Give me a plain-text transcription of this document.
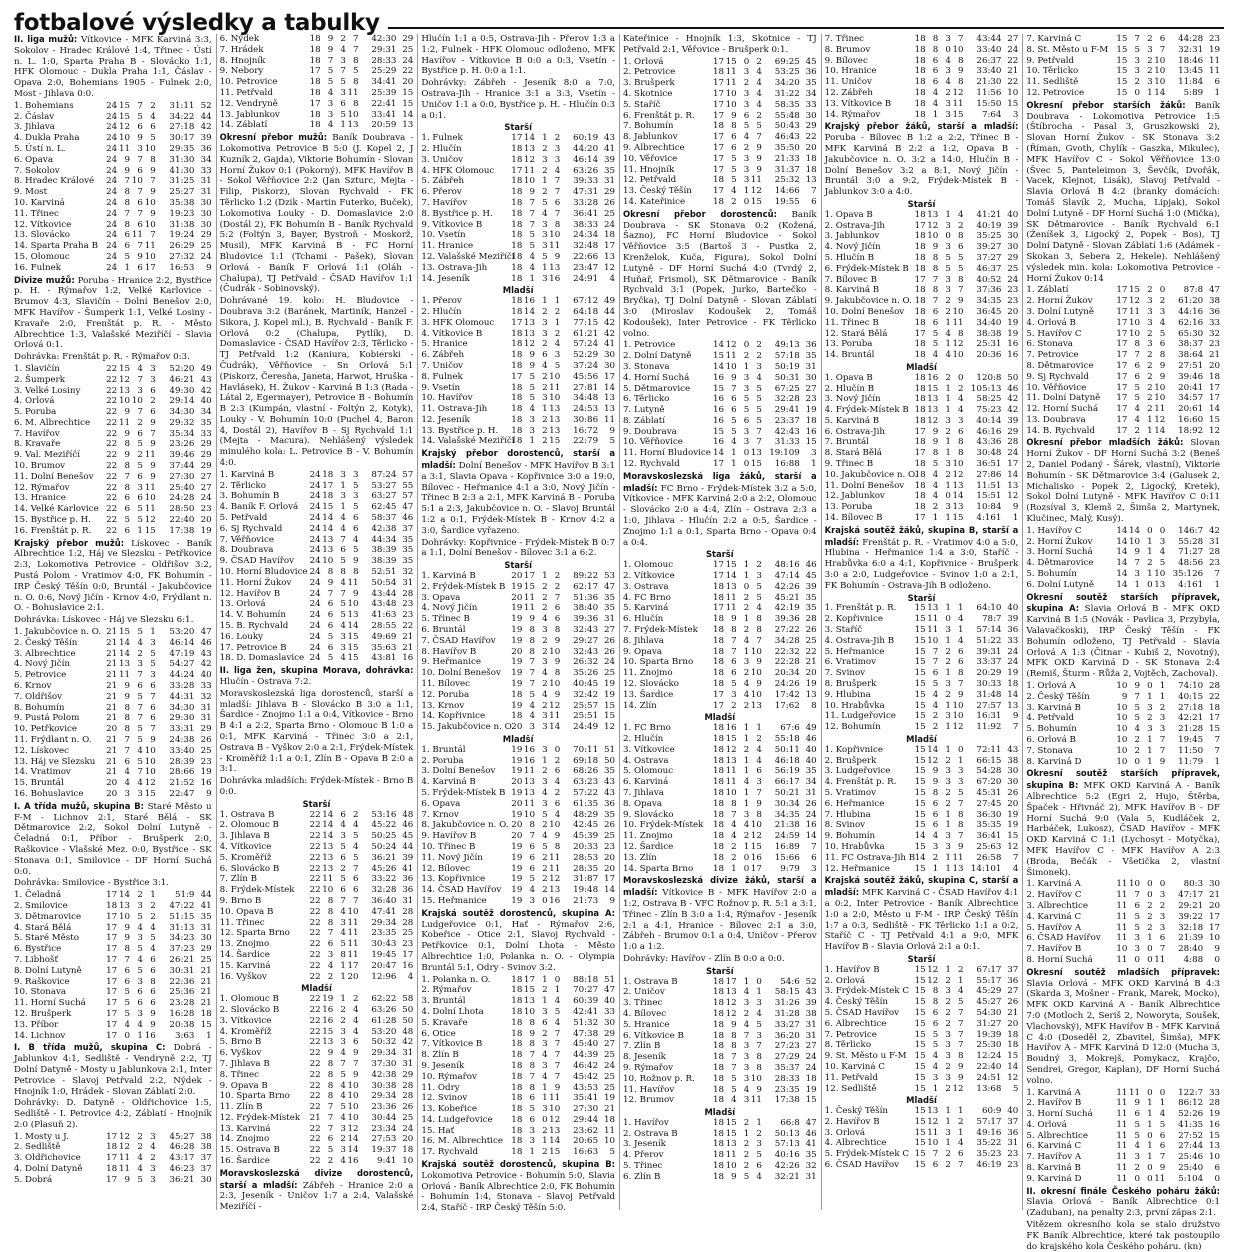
fotbalové výsledky a tabulky
II. liga mužů: Vítkovice - MFK Karviná 3:3, Sokolov - Hradec Králové 1:4, Třinec - Ústí n. L. 1:0, Sparta Praha B - Slovácko 1:1, HFK Olomouc - Dukla Praha 1:1, Čáslav - Opava 2:0, Bohemians 1905 - Fulnek 2:0, Most - Jihlava 0:0.
1. Bohemians	24	15	7	2	31:11	52
2. Čáslav	24	15	5	4	34:22	44
3. Jihlava	24	12	6	6	27:18	42
4. Dukla Praha	24	10	9	5	30:17	39
5. Ústí n. L.	24	11	3	10	29:35	36
6. Opava	24	9	7	8	31:30	34
7. Sokolov	24	9	6	9	41:30	33
8. Hradec Králové	24	7	10	7	31:25	31
9. Most	24	8	7	9	25:27	31
10. Karviná	24	8	6	10	35:38	30
11. Třinec	24	7	7	9	19:23	30
12. Vítkovice	24	8	6	10	31:38	30
13. Slovácko	24	6	11	7	19:24	29
14. Sparta Praha B	24	6	7	11	26:29	25
15. Olomouc	24	5	9	10	27:32	24
16. Fulnek	24	1	6	17	16:53	9
Divize mužů: Poruba - Hranice 2:2, Bystřice p. H. - Rýmařov 1:2, Velké Karlovice - Brumov 4:3, Slavičín - Dolní Benešov 2:0, MFK Havířov - Šumperk 1:1, Velké Losiny - Kravaře 2:0, Frenštát p. R. - Město Albrechtice 1:3, Valašské Meziříčí - Slavia Orlová 0:1.
Dohrávka: Frenštát p. R. - Rýmařov 0:3.
1. Slavičín	22	15	4	3	52:20	49
2. Šumperk	22	12	7	3	46:21	43
3. Velké Losiny	22	13	3	6	49:30	42
4. Orlová	22	10	10	2	29:14	40
5. Poruba	22	9	7	6	34:30	34
6. M. Albrechtice	22	11	2	9	29:32	35
7. Havířov	22	9	6	7	35:34	33
8. Kravaře	22	8	5	9	23:26	29
9. Val. Meziříčí	22	9	2	11	39:46	29
10. Brumov	22	8	5	9	37:44	29
11. Dolní Benešov	22	7	6	9	27:30	27
12. Rýmařov	22	8	3	11	25:40	27
13. Hranice	22	6	6	10	24:28	24
14. Velké Karlovice	22	6	5	11	28:50	23
15. Bystřice p. H.	22	5	5	12	22:40	20
16. Frenštát p. R.	22	6	1	15	17:38	19
Krajský přebor mužů: Lískovec - Baník Albrechtice 1:2, Háj ve Slezsku - Petřkovice 2:3, Lokomotiva Petrovice - Oldřišov 3:2, Pustá Polom - Vratimov 4:0, FK Bohumín - IRP Český Těšín 0:0, Bruntál - Jakubčovice n. O. 0:6, Nový Jičín - Krnov 4:0, Frýdlant n. O. - Bohuslavice 2:1.
Dohrávka: Lískovec - Háj ve Slezsku 6:1.
1. Jakubčovice n. O.	21	15	5	1	53:20	47
2. Český Těšín	21	14	4	3	46:14	46
3. Albrechtice	21	14	2	5	47:19	43
4. Nový Jičín	21	13	3	5	54:27	42
5. Petrovice	21	11	7	3	44:24	40
6. Krnov	21	9	6	6	33:28	33
7. Oldřišov	21	9	5	7	44:31	32
8. Bohumín	21	8	7	6	34:30	31
9. Pustá Polom	21	8	7	6	29:30	31
10. Petřkovice	20	8	5	7	33:31	29
11. Frýdlant n. O.	21	7	5	9	24:38	26
12. Lískovec	21	7	4	10	33:40	25
13. Háj ve Slezsku	21	6	5	10	28:39	23
14. Vratimov	21	4	7	10	28:66	19
15. Bruntál	20	4	4	12	21:52	16
16. Bohuslavice	20	3	3	15	22:47	9
I. A třída mužů, skupina B: Staré Město u F-M - Lichnov 2:1, Staré Bělá - SK Dětmarovice 2:2, Sokol Dolní Lutyně - Čeladná 0:1, Příbor - Brušperk 2:0, Raškovice - Vlašské Mez. 0:0, Bystřice - SK Stonava 0:1, Smilovice - DF Horní Suchá 0:0.
Dohrávka: Smilovice - Bystřice 3:1.
1. Čeladná	17	14	2	1	51:9	44
2. Smilovice	18	13	3	2	47:22	41
3. Dětmarovice	17	10	5	2	51:15	35
4. Stará Bělá	17	9	4	4	31:13	31
5. Staré Město	17	9	3	5	34:23	30
6. Bystřice	17	8	5	4	37:23	29
7. Libhošť	17	7	4	6	26:21	25
8. Dolní Lutyně	17	6	5	6	30:31	21
9. Raškovice	17	6	3	8	22:36	21
10. Stonava	17	5	6	6	25:36	21
11. Horní Suchá	17	5	6	6	23:28	21
12. Brušperk	17	5	3	9	16:28	18
13. Příbor	17	4	4	9	20:38	15
14. Lichnov	17	0	1	16	3:63	1
I. B třída mužů, skupina C: Dobrá - Jablunkov 4:1, Sedliště - Vendryně 2:2, TJ Dolní Datyně - Mosty u Jablunkova 2:1, Inter Petrovice - Slavoj Petřvald 2:2, Nýdek - Hnojník 1:0, Hrádek - Slovan Záblatí 2:0.
Dohrávky: D. Datyně - Oldřichovice 1:5, Sedliště - I. Petrovice 4:2, Záblatí - Hnojník 2:0 (Plasuň 2).
1. Mosty u J.	17	12	2	3	45:27	38
2. Sedliště	18	12	2	4	46:28	38
3. Oldřichovice	17	11	4	2	43:17	37
4. Dolní Datyně	18	11	4	3	46:23	37
5. Dobrá	17	9	5	3	36:21	30
6. Nýdek	18	9	2	7	42:30	29
7. Hrádek	18	9	4	7	29:31	25
8. Hnojník	18	7	3	8	28:33	24
9. Nebory	17	5	7	5	25:29	22
10. Petrovice	18	5	5	8	34:41	20
11. Petřvald	18	4	3	11	25:39	15
12. Vendryně	17	3	6	8	22:41	15
13. Jablunkov	18	3	5	10	33:41	14
14. Záblatí	18	4	1	13	20:59	13
Okresní přebor mužů: Baník Doubrava - Lokomotiva Petrovice B 5:0 (J. Kopel 2, J Kuzník 2, Gajda), Viktorie Bohumín - Slovan Horní Žukov 0:1 (Pokorný). MFK Havířov B - Sokol Věřňovice 2:2 (Jan Szturc, Mejta - Filip, Piskorz), Slovan Rychvald - FK Těrlicko 1:2 (Dzik - Martin Futerko, Buček), Lokomotiva Louky - D. Domaslavice 2:0 (Dostál 2), FK Bohumín B - Baník Rychvald 5:2 (Foltýn 3, Bayer, Bystroň - Moskorž, Musil), MFK Karviná B - FC Horní Bludovice 1:1 (Tchami - Pašek), Slovan Orlová - Baník F Orlová 1:1 (Oláh - Chalupa), TJ Petřvald - ČSAD Havířov 1:1 (Čudrák - Sobinovský).
Dohrávané 19. kolo: H. Bludovice - Doubrava 3:2 (Baránek, Martiník, Hanzel - Sikora, J. Kopel ml.), B. Rychvald - Baník F. Orlová 0:2 (Chalupa, Pytlík), D. Domaslavice - ČSAD Havířov 2:3, Těrlicko - TJ Petřvald 1:2 (Kaniura, Kobierski - Čudrák), Věřňovice - Sn Orlová 5:1 (Piskorz, Čeresňa, Janeta, Harwot, Hruška - Havlásek), H. Žukov - Karviná B 1:3 (Rada - Látal 2, Egermayer), Petrovice B - Bohumín B 2:3 (Kumpán, vlastní - Foltýn 2, Kotyk), Louky - V. Bohumín 10:0 (Puchel 4, Baron 4, Dostál 2), Havířov B - Sj Rychvald 1:1 (Mejta - Macura). Nehlášený výsledek minulého kola: L. Petrovice B - V. Bohumín 4:0.
1. Karviná B	24	18	3	3	87:24	57
2. Těrlicko	24	17	1	5	53:27	55
3. Bohumín B	24	18	3	3	63:27	57
4. Baník F. Orlová	24	15	1	5	62:45	47
5. Petřvald	24	14	4	6	58:37	46
6. Sj Rychvald	24	14	4	6	42:38	37
7. Věřňovice	24	13	7	4	44:34	35
8. Doubrava	24	13	6	5	38:39	35
9. ČSAD Havířov	24	10	5	9	38:39	35
10. Horní Bludovice	24	8	8	8	52:51	32
11. Horní Žukov	24	9	4	11	50:54	31
12. Havířov B	24	7	7	9	43:44	28
13. Orlová	24	6	5	10	43:48	23
14. V. Bohumín	24	6	5	13	41:63	23
15. B. Rychvald	24	6	4	14	28:55	22
16. Louky	24	5	3	15	49:69	21
17. Petrovice B	24	6	3	15	35:63	21
18. D. Domaslavice	24	5	4	15	43:81	16
II. liga žen, skupina Morava, dohrávka: Hlučín - Ostrava 7:2.
Moravskoslezská liga dorostenců, starší a mladší: Jihlava B - Slovácko B 3:0 a 1:1, Šardice - Znojmo 1:1 a 0:4, Vítkovice - Brno B 4:1 a 2:2, Sparta Brno - Olomouc B 1:0 a 0:1, MFK Karviná - Třinec 3:0 a 2:1, Ostrava B - Vyškov 2:0 a 2:1, Frýdek-Místek - Kroměříž 1:1 a 0:1, Zlín B - Opava B 2:0 a 3:1.
Dohrávka mladších: Frýdek-Místek - Brno B 0:0.
Starší
1. Ostrava B	22	14	6	2	53:16	48
2. Olomouc B	22	14	4	4	45:22	46
3. Jihlava B	22	14	3	5	50:25	45
4. Vítkovice	22	13	5	4	50:24	44
5. Kroměříž	22	13	6	5	36:21	39
6. Slovácko B	22	13	2	7	45:26	41
7. Zlín B	22	11	5	6	33:22	36
8. Frýdek-Místek	22	10	6	6	32:28	36
9. Brno B	22	8	7	7	36:40	31
10. Opava B	22	8	4	10	47:41	28
11. Třinec	22	8	3	11	29:34	28
12. Sparta Brno	22	7	4	11	23:35	25
13. Znojmo	22	6	5	11	30:43	23
14. Šardice	22	3	8	11	19:45	17
15. Karviná	22	4	1	17	20:47	16
16. Vyškov	22	2	1	20	12:96	4
Mladší
1. Olomouc B	22	19	1	2	62:22	58
2. Slovácko B	22	16	2	4	63:26	50
3. Vítkovice	22	16	2	4	61:28	50
4. Kroměříž	22	15	3	4	53:20	48
5. Brno B	22	13	3	6	50:32	42
6. Vyškov	22	9	4	9	29:34	31
7. Jihlava B	22	8	7	7	37:30	31
8. Třinec	22	8	5	9	42:38	29
9. Opava B	22	8	4	10	30:38	28
10. Sparta Brno	22	8	4	10	29:34	28
11. Zlín B	22	7	5	10	23:36	26
12. Frýdek-Místek	21	7	4	10	30:44	25
13. Karviná	22	7	3	12	23:34	24
14. Znojmo	22	6	2	14	27:53	20
15. Ostrava B	22	5	3	14	19:37	18
16. Šardice	22	2	4	16	9:41	10
Moravskoslezská divize dorostenců, starší a mladší: Zábřeh - Hranice 2:0 a 2:3, Jeseník - Uničov 1:7 a 2:4, Valašské Meziříčí -
Hlučín 1:1 a 0:5, Ostrava-Jih - Přerov 1:3 a 1:2, Fulnek - HFK Olomouc odloženo, MFK Havířov - Vítkovice B 0:0 a 0:3, Vsetín - Bystřice p. H. 0:0 a 1:1.
Dohrávky: Zábřeh - Jeseník 8:0 a 7:0, Ostrava-Jih - Hranice 3:1 a 3:3, Vsetín - Uničov 1:1 a 0:0, Bystřice p. H. - Hlučín 0:3 a 0:1.
Starší
1. Fulnek	17	14	1	2	60:19	43
2. Hlučín	18	13	2	3	44:20	41
3. Uničov	18	12	3	3	46:14	39
4. HFK Olomouc	17	11	2	4	63:26	35
5. Zábřeh	18	10	1	7	39:33	31
6. Přerov	18	9	2	7	47:31	29
7. Havířov	18	7	5	6	33:28	26
8. Bystřice p. H.	18	7	4	7	36:41	25
9. Vítkovice B	18	7	3	8	38:33	24
10. Vsetín	18	5	3	10	24:34	18
11. Hranice	18	5	3	11	32:48	17
12. Valašské Meziříčí	18	4	5	9	22:66	13
13. Ostrava-Jih	18	4	1	13	23:47	12
14. Jeseník	18	1	3	16	24:91	4
Mladší
1. Přerov	18	16	1	1	67:12	49
2. Hlučín	18	14	2	2	64:18	44
3. HFK Olomouc	17	13	3	1	77:15	42
4. Vítkovice B	18	13	3	2	61:21	42
5. Hranice	18	12	2	4	57:24	41
6. Zábřeh	18	9	6	3	52:29	30
7. Uničov	18	9	4	5	37:24	30
8. Fulnek	17	5	2	10	45:56	17
9. Vsetín	18	5	2	11	27:81	14
10. Havířov	18	5	3	10	34:48	13
11. Ostrava-Jih	18	4	1	13	24:53	13
12. Jeseník	18	3	2	13	30:86	11
13. Bystřice p. H.	18	3	2	13	16:72	9
14. Valašské Meziříčí	18	1	2	15	22:79	5
Krajský přebor dorostenců, starší a mladší: Dolní Benešov - MFK Havířov B 3:1 a 3:1, Slavia Opava - Kopřivnice 3:0 a 19:0, Bílovec - Heřmanice 4:1 a 3:0, Nový Jičín - Třinec B 2:3 a 2:1, MFK Karviná B - Poruba 5:1 a 2:3, Jakubčovice n. O. - Slavoj Bruntál 1:2 a 0:1, Frýdek-Místek B - Krnov 4:2 a 3:0, Šardice vyřazeno.
Dohrávky: Kopřivnice - Frýdek-Místek B 0:7 a 1:1, Dolní Benešov - Bílovec 3:1 a 6:2.
Starší
1. Karviná B	20	17	1	2	89:22	53
2. Frýdek-Místek B	19	15	2	2	62:17	47
3. Opava	20	11	2	7	51:36	35
4. Nový Jičín	19	11	2	6	38:40	35
5. Třinec B	19	9	4	6	39:36	31
6. Bruntál	19	8	3	8	32:43	27
7. ČSAD Havířov	19	8	2	9	29:27	26
8. Havířov B	20	8	2	10	32:43	26
9. Heřmanice	19	7	3	9	26:32	24
10. Dolní Benešov	19	7	4	8	35:26	25
11. Bílovec	19	7	2	10	40:45	19
12. Poruba	18	5	4	9	32:42	19
13. Krnov	19	4	2	12	25:57	15
14. Kopřivnice	18	4	3	11	25:51	15
15. Jakubčovice n. O.	20	3	3	14	24:49	12
Mladší
1. Bruntál	19	16	3	0	70:11	51
2. Poruba	19	16	1	2	69:18	50
3. Dolní Benešov	19	11	2	6	68:26	35
4. Karviná B	20	13	3	4	63:23	43
5. Frýdek-Místek B	19	13	4	2	57:22	43
6. Opava	20	11	3	6	61:35	36
7. Krnov	19	10	5	4	48:29	35
8. Jakubčovice n. O.	20	8	2	10	42:45	26
9. Havířov B	20	7	4	9	45:39	25
10. Třinec B	19	6	5	8	20:33	23
11. Nový Jičín	19	6	2	11	28:53	20
12. Bílovec	19	6	2	11	28:35	20
13. Kopřivnice	19	5	2	12	31:87	17
14. ČSAD Havířov	19	4	2	13	19:48	14
15. Heřmanice	19	3	0	16	21:73	9
Krajská soutěž dorostenců, skupina A: Ludgeřovice 0:1, Hať - Rýmařov 2:6, Kobeřice - Otice 2:1, Slavoj Rychvald - Petřkovice 0:1, Dolní Lhota - Město Albrechtice 1:0, Polanka n. O. - Olympia Bruntál 5:1, Odry - Svinov 3:2.
1. Polanka n. O.	18	17	1	0	88:18	51
2. Rýmařov	18	15	2	1	70:27	47
3. Bruntál	18	13	1	4	60:39	40
4. Dolní Lhota	18	10	3	5	42:41	33
5. Kravaře	18	8	6	4	51:32	30
6. Otice	18	9	2	7	47:38	29
7. Vítkovice B	18	8	3	7	45:40	27
8. Zlín B	18	7	4	7	44:39	25
9. Jeseník	18	8	3	7	46:42	24
10. Rýmařov	18	7	4	7	45:42	25
11. Odry	18	8	1	9	43:53	25
12. Svinov	18	6	1	11	35:41	19
13. Kobeřice	18	5	3	10	27:30	21
14. Ludgeřovice	18	6	0	12	29:44	18
15. Hať	18	3	2	13	23:62	11
16. M. Albrechtice	18	3	1	14	20:65	10
17. Rychvald	18	1	2	15	16:63	5
Krajská soutěž dorostenců, skupina B: Lokomotiva Petrovice - Bohumín 5:0, Slavia Orlová - Baník Albrechtice 2:0, FK Bohumín - Bohumín 1:4, Stonava - Slavoj Petřvald 2:4, Staříč - IRP Český Těšín 5:0.
Kateřinice - Hnojník 1:3, Skotnice - TJ Petřvald 2:1, Věřovice - Brušperk 0:1.
1. Orlová	17	15	0	2	69:25	45
2. Petrovice	18	11	3	4	53:25	36
3. Brušperk	17	11	2	4	34:20	35
4. Skotnice	17	10	3	4	31:22	34
5. Staříč	17	10	3	4	58:35	33
6. Frenštát p. R.	17	9	6	2	55:48	30
7. Bohumín	18	8	5	5	50:43	29
8. Jablunkov	17	6	4	7	46:43	22
9. Albrechtice	17	6	2	9	35:50	20
10. Věřovice	17	5	3	9	21:33	18
11. Hnojník	17	5	3	9	31:37	18
12. Petřvald	18	5	3	11	25:32	13
13. Český Těšín	17	4	1	12	14:66	7
14. Kateřinice	18	2	0	15	19:55	6
Okresní přebor dorostenců: Baník Doubrava - SK Stonava 0:2 (Kožená, Šazno), FC Horní Bludovice - Sokol Věřňovice 3:5 (Bartoš 3 - Pustka 2, Krenželok, Kuča, Figura), Sokol Dolní Lutyně - DF Horní Suchá 4:0 (Tvrdý 2, Huňař, Frismol), SK Dětmarovice - Baník Rychvald 3:1 (Popek, Jurko, Bartečko - Bryčka), TJ Dolní Datyně - Slovan Záblatí 3:0 (Miroslav Kodoušek 2, Tomáš Kodoušek), Inter Petrovice - FK Těrlicko volno.
1. Petrovice	14	12	0	2	49:13	36
2. Dolní Datyně	15	11	2	2	57:18	35
3. Stonava	14	10	1	3	50:19	31
4. Horní Suchá	16	9	3	4	50:31	30
5. Dětmarovice	15	7	3	5	67:25	27
6. Těrlicko	16	6	5	5	32:28	23
7. Lutyně	16	6	5	5	29:41	19
8. Záblatí	16	5	6	5	23:37	18
9. Doubrava	15	5	3	7	42:43	16
10. Věřňovice	16	4	3	7	31:33	15
11. Horní Bludovice	14	1	0	13	19:109	3
12. Rychvald	17	1	0	15	16:88	1
Moravskoslezská liga žáků, starší a mladší: FC Brno - Frýdek-Místek 3:2 a 5:0, Vítkovice - MFK Karviná 2:0 a 2:2, Olomouc - Slovácko 2:0 a 4:4, Zlín - Ostrava 2:3 a 1:0, Jihlava - Hlučín 2:2 a 0:5, Šardice - Znojmo 1:1 a 0:1, Sparta Brno - Opava 0:4 a 0:4.
Starší
1. Olomouc	17	15	1	2	48:16	46
2. Vítkovice	17	14	1	3	47:14	45
3. Ostrava	18	13	0	5	42:26	39
4. FC Brno	18	11	2	5	45:21	35
5. Karviná	17	11	2	4	42:19	35
6. Hlučín	18	9	1	8	39:36	28
7. Frýdek-Místek	18	8	2	8	27:22	26
8. Jihlava	18	7	4	7	34:28	25
9. Opava	18	7	1	10	22:32	22
10. Sparta Brno	18	6	3	9	22:28	21
11. Znojmo	18	6	2	10	20:34	20
12. Slovácko	18	5	4	9	24:26	19
13. Šardice	17	3	4	10	17:42	13
14. Zlín	17	2	2	13	17:62	8
Mladší
1. FC Brno	18	16	1	1	67:6	49
2. Hlučín	18	15	1	2	55:18	46
3. Vítkovice	18	12	2	4	50:11	40
4. Ostrava	18	13	1	4	46:18	40
5. Olomouc	18	11	1	6	56:19	35
6. Karviná	18	11	4	3	66:17	34
7. Jihlava	18	10	1	7	50:21	31
8. Opava	18	8	1	9	30:34	26
9. Slovácko	18	7	3	8	34:35	24
10. Frýdek-Místek	18	4	4	10	21:38	16
11. Znojmo	18	4	2	12	24:59	14
12. Šardice	18	2	1	15	16:89	7
13. Zlín	18	2	0	16	15:66	6
14. Sparta Brno	18	1	0	17	9:79	3
Moravskoslezská divize žáků, starší a mladší: Vítkovice B - MFK Havířov 2:0 a 1:2, Ostrava B - VFC Rožnov p. R. 5:1 a 3:1, Třinec - Zlín B 3:0 a 1:4, Rýmařov - Jeseník 2:1 a 4:1, Hranice - Bílovec 2:1 a 3:0, Zábřeh - Brumov 0:1 a 0:4, Uničov - Přerov 1:0 a 1:2.
Dohrávky: Havířov - Zlín B 0:0 a 0:0.
Starší
1. Ostrava B	18	17	1	0	54:6	52
2. Uničov	18	13	4	1	58:15	43
3. Třinec	18	12	3	3	31:26	39
4. Bílovec	18	12	2	4	31:28	38
5. Hranice	18	9	4	5	33:27	31
6. Vítkovice B	18	8	7	3	36:20	31
7. Zlín B	18	8	3	7	27:23	27
8. Jeseník	18	7	3	8	27:29	24
9. Rýmařov	18	7	3	8	35:37	24
10. Rožnov p. R.	18	5	3	10	28:33	18
11. Havířov	18	5	4	9	23:35	19
12. Brumov	18	4	3	11	17:38	15
Mladší
1. Havířov	18	15	2	1	66:8	47
2. Ostrava B	18	15	1	2	50:13	46
3. Jeseník	18	13	2	3	57:13	41
4. Přerov	18	11	2	5	40:16	35
5. Třinec	18	10	2	6	42:26	32
6. Zlín B	18	9	5	4	32:21	31
7. Třinec	18	8	3	7	43:44	27
8. Brumov	18	8	0	10	33:40	24
9. Bílovec	18	6	4	8	26:37	22
10. Hranice	18	6	3	9	33:40	21
11. Uničov	18	6	4	8	21:30	22
12. Zábřeh	18	4	2	12	11:56	10
13. Vítkovice B	18	4	3	11	15:50	15
14. Rýmařov	18	1	3	15	7:64	3
Krajský přebor žáků, starší a mladší: Poruba - Bílovec B 1:2 a 2:2, Třinec B - MFK Karviná B 2:2 a 1:2, Opava B - Jakubčovice n. O. 3:2 a 14:0, Hlučín B - Dolní Benešov 3:2 a 8:1, Nový Jičín - Bruntál 3:0 a 9:2, Frýdek-Místek B - Jablunkov 3:0 a 4:0.
Starší
1. Opava B	18	13	1	4	41:21	40
2. Ostrava-Jih	17	12	3	2	40:19	39
3. Jablunkov	18	10	0	8	35:25	30
4. Nový Jičín	18	9	3	6	39:27	30
5. Hlučín B	18	8	5	5	37:27	29
6. Frýdek-Místek B	18	8	5	5	46:37	25
7. Bílovec B	17	7	3	8	40:52	24
8. Karviná B	18	8	3	7	37:36	23
9. Jakubčovice n. O.	18	7	2	9	34:35	23
10. Dolní Benešov	18	6	2	10	36:45	20
11. Třinec B	18	6	1	11	34:40	19
12. Stará Bělá	17	5	4	8	38:38	19
13. Poruba	18	5	1	12	25:31	16
14. Bruntál	18	4	4	10	20:36	16
Mladší
1. Opava B	18	16	2	0	120:8	50
2. Hlučín B	18	15	1	2	105:13	46
3. Nový Jičín	18	13	1	4	58:25	42
4. Frýdek-Místek B	18	13	1	4	75:23	42
5. Karviná B	18	12	3	3	40:14	39
6. Ostrava-Jih	17	9	2	6	46:16	29
7. Bruntál	18	9	1	8	43:36	28
8. Stará Bělá	17	8	1	8	30:48	24
9. Třinec B	18	5	3	10	36:51	17
10. Jakubčovice n. O.	18	4	2	12	27:86	14
11. Dolní Benešov	18	4	1	13	11:51	13
12. Jablunkov	18	4	0	14	15:51	12
13. Poruba	18	2	3	13	10:84	9
14. Bílovec B	17	1	1	15	4:161	1
Krajská soutěž žáků, skupina B, starší a mladší: Frenštát p. R. - Vratimov 4:0 a 5:0, Hlubina - Heřmanice 1:4 a 3:0, Staříč - Hrabůvka 6:0 a 4:1, Kopřivnice - Brušperk 3:0 a 2:0, Ludgeřovice - Svinov 1:0 a 2:1, FK Bohumín - Ostrava-Jih B odloženo.
Starší
1. Frenštát p. R.	15	13	1	1	64:10	40
2. Kopřivnice	15	11	0	4	78:7	39
3. Staříč	15	11	3	1	57:14	36
4. Ostrava-Jih B	15	10	1	4	51:22	33
5. Heřmanice	15	7	2	6	39:31	24
6. Vratimov	15	7	2	6	33:37	24
7. Svinov	15	6	1	8	20:29	19
8. Brušperk	15	5	3	7	30:33	18
9. Hlubina	15	4	2	9	31:48	14
10. Hrabůvka	15	4	1	10	27:57	13
11. Ludgeřovice	15	2	3	10	16:31	9
12. Bohumín	15	2	1	12	11:92	7
Mladší
1. Kopřivnice	15	14	1	0	72:11	43
2. Brušperk	15	12	2	1	66:15	38
3. Ludgeřovice	15	9	3	3	54:28	30
4. Frenštát p. R.	15	9	3	3	67:20	30
5. Vratimov	15	8	2	5	45:31	26
6. Heřmanice	15	6	2	7	27:45	20
7. Hlubina	15	6	1	8	36:30	19
8. Svinov	15	6	1	8	35:35	19
9. Bohumín	14	4	3	7	36:41	15
10. Hrabůvka	15	3	3	9	25:63	12
11. FC Ostrava-Jih B	14	2	1	11	26:58	7
12. Heřmanice	15	1	1	13	14:101	4
Krajská soutěž žáků, skupina C, starší a mladší: MFK Karviná C - ČSAD Havířov 4:1 a 0:2, Inter Petrovice - Baník Albrechtice 1:0 a 2:0, Město u F-M - IRP Český Těšín 1:7 a 0:3, Sedliště - FK Těrlicko 1:1 a 0:2, Staříč C - TJ Petřvald 4:1 a 9:0, MFK Havířov B - Slavia Orlová 2:1 a 0:1.
Starší
1. Havířov B	15	12	1	2	67:17	37
2. Orlová	15	12	2	1	55:17	36
3. Frýdek-Místek C	15	8	3	4	45:29	27
4. Český Těšín	15	8	2	5	45:27	26
5. ČSAD Havířov	15	6	2	7	54:30	21
6. Albrechtice	15	6	2	7	31:27	20
7. Petrovice	15	5	3	7	19:39	18
8. Těrlicko	15	5	3	7	25:30	18
9. St. Město u F-M	15	4	3	8	12:24	15
10. Karviná C	15	4	2	9	22:40	14
11. Petřvald	15	3	3	9	24:51	12
12. Sedliště	15	1	2	12	13:68	5
Mladší
1. Český Těšín	15	13	1	1	60:9	40
2. Havířov B	15	12	1	2	57:17	37
3. Orlová	15	11	3	1	49:16	36
4. Albrechtice	15	10	1	4	35:22	31
5. Frýdek-Místek C	15	7	2	6	35:23	23
6. ČSAD Havířov	15	6	2	7	46:19	23
7. Karviná C	15	7	2	6	44:28	23
8. St. Město u F-M	15	5	3	7	32:31	19
9. Petřvald	15	3	2	10	18:46	11
10. Těrlicko	15	3	2	10	13:45	11
11. Sedliště	15	2	3	10	11:84	6
12. Petrovice	15	0	1	14	5:89	1
Okresní přebor starších žáků: Baník Doubrava - Lokomotiva Petrovice 1:5 (Štíbrocha - Pasal 3, Gruszkowski 2), Slovan Horní Žukov - SK Stonava 3:2 (Říman, Gvoth, Chylík - Gaszka, Mikulec), MFK Havířov C - Sokol Věřňovice 13:0 (Švec 5, Panteleimon 3, Ševčík, Dvořák, Vacek, Klejnot, Lisák), Slavoj Petřvald - Slavia Orlová B 4:2 (branky domácích: Tomáš Slavík 2, Mucha, Lipjak), Sokol Dolní Lutyně - DF Horní Suchá 1:0 (Mička), SK Dětmarovice - Baník Rychvald 6:1 (Ženíšek 3, Ligocký 2, Popek - Bos), TJ Dolní Datyně - Slovan Záblatí 1:6 (Adámek - Skokan 3, Sebera 2, Hekele). Nehlášený výsledek min. kola: Lokomotiva Petrovice - Horní Žukov 0:14
1. Záblatí	17	15	2	0	87:8	47
2. Horní Žukov	17	12	3	2	61:20	38
3. Dolní Lutyně	17	11	3	3	44:16	36
4. Orlová B	17	10	3	4	62:16	33
5. Havířov C	17	10	2	5	65:30	32
6. Stonava	17	8	3	6	38:37	23
7. Petrovice	17	7	2	8	38:64	21
8. Dětmarovice	17	6	2	9	27:51	20
9. Sj Rychvald	17	6	2	9	39:46	18
10. Věřňovice	17	5	2	10	20:41	17
11. Dolní Datyně	17	5	2	10	34:57	17
12. Horní Suchá	17	4	2	11	20:61	14
13. Doubrava	17	4	1	12	16:60	15
14. B. Rychvald	17	2	1	14	18:92	12
Okresní přebor mladších žáků: Slovan Horní Žukov - DF Horní Suchá 3:2 (Beneš 2, Daniel Podaný - Šárek, vlastní), Viktorie Bohumín - SK Dětmarovice 3:4 (Galusek 2, Michalisko - Popek 2, Ligocký, Kretek), Sokol Dolní Lutyně - MFK Havířov C 0:11 (Rozsíval 3, Klemš 2, Šimša 2, Martynek, Klučinec, Malý, Kusý).
1. Havířov C	14	14	0	0	146:7	42
2. Horní Žukov	14	10	1	3	55:28	31
3. Horní Suchá	14	9	1	4	71:27	28
4. Dětmarovice	14	7	2	5	48:56	23
5. Bohumín	14	3	1	10	35:126	7
6. Dolní Lutyně	14	1	0	13	4:161	1
Okresní soutěž starších přípravek, skupina A: Slavia Orlová B - MFK OKD Karviná B 1:5 (Novák - Pavlica 3, Przybyla, Valavačkoski), IRP Český Těšín - FK Bohumín odloženo, TJ Petřvald - Slavia Orlová A 1:3 (Čitnar - Kubiš 2, Novotný), MFK OKD Karviná D - SK Stonava 2:4 (Remiš, Šturm - Růža 2, Vojtěch, Zachoval).
1. Orlová A	10	9	0	1	74:10	28
2. Český Těšín	9	7	1	1	40:15	22
3. Karviná B	10	5	3	2	27:18	18
4. Petřvald	10	5	2	3	42:21	17
5. Bohumín	10	4	3	3	21:28	15
6. Orlová B	10	2	1	7	19:45	7
7. Stonava	10	2	1	7	11:50	7
8. Karviná D	10	0	1	9	11:79	1
Okresní soutěž starších přípravek, skupina B: MFK OKD Karviná A - Baník Albrechtice 5:2 (Egri 2, Hujo, Štěrba, Špaček - Hřivnáč 2), MFK Havířov B - DF Horní Suchá 9:0 (Vala 5, Kudláček 2, Harbáček, Lukosz), ČSAD Havířov - MFK OKD Karviná C 1:1 (Lychosyt - Motyčka), MFK Havířov C - MFK Havířov A 2:3 (Broda, Bečák - Všetička 2, vlastní Šimonek).
1. Karviná A	11	10	0	0	80:3	30
2. Havířov C	11	7	0	3	47:17	21
3. Albrechtice	11	6	2	2	29:21	20
4. Karviná C	11	5	2	3	39:22	17
5. Havířov A	11	5	2	3	32:18	17
6. ČSAD Havířov	11	3	1	6	21:39	10
7. Havířov B	10	3	0	7	28:40	9
8. Horní Suchá	11	0	0	11	4:88	0
Okresní soutěž mladších přípravek: Slavia Orlová - MFK OKD Karviná B 4:3 (Skarda 3, Mošner - Frank, Marek, Mocko), MFK OKD Karviná A - Baník Albrechtice 7:0 (Motloch 2, Seriš 2, Noworyta, Soušek, Vlachovský), MFK Havířov B - MFK Karviná C 4:0 (Doseděl 2, Zbavitel, Šimša), MFK Havířov A - MFK Karviná D 12:0 (Mucha 3, Boudný 3, Mokrejš, Pomykacz, Krajčo, Sendrei, Gregor, Kaplan), DF Horní Suchá volno.
1. Karviná A	11	11	0	0	122:7	33
2. Havířov B	11	9	1	1	86:12	28
3. Horní Suchá	11	6	1	4	52:26	19
4. Orlová	11	5	1	5	41:35	16
5. Albrechtice	11	5	0	6	27:52	15
6. Karviná C	11	4	1	6	27:44	13
7. Havířov A	11	3	1	7	25:46	10
8. Karviná B	11	2	0	9	25:40	6
9. Karviná D	11	0	0	11	5:104	0
II. okresní finále Českého poháru žáků: Slavia Orlová - Baník Albrechtice 0:1 (Zaduban), na penalty 2:3, první zápas 2:1.
Vítězem okresního kola se stalo družstvo FK Baník Albrechtice, které tak postoupilo do krajského kola Českého poháru. (kn)
